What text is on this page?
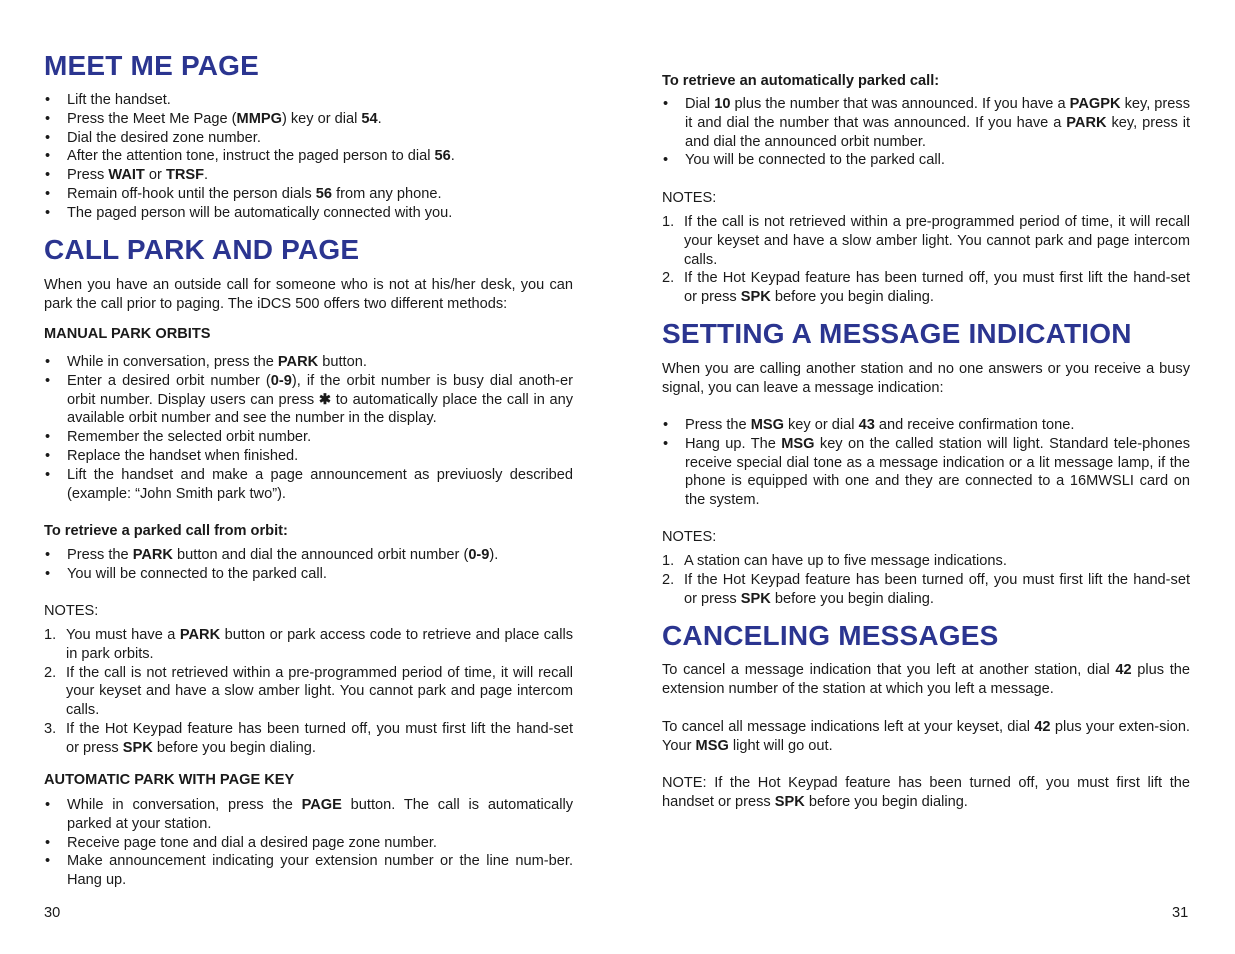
MEET ME PAGE
• Lift the handset.
• Press the Meet Me Page (MMPG) key or dial 54.
• Dial the desired zone number.
• After the attention tone, instruct the paged person to dial 56.
• Press WAIT or TRSF.
• Remain off-hook until the person dials 56 from any phone.
• The paged person will be automatically connected with you.
CALL PARK AND PAGE

When you have an outside call for someone who is not at his/her desk, you can park the call prior to paging. The iDCS 500 offers two different methods:

MANUAL PARK ORBITS
• While in conversation, press the PARK button.
• Enter a desired orbit number (0-9), if the orbit number is busy dial anoth-er orbit number. Display users can press ✱ to automatically place the call in any available orbit number and see the number in the display.
• Remember the selected orbit number.
• Replace the handset when finished.
• Lift the handset and make a page announcement as previuosly described (example: “John Smith park two”).
To retrieve a parked call from orbit:
• Press the PARK button and dial the announced orbit number (0-9).
• You will be connected to the parked call.

NOTES:

1. You must have a PARK button or park access code to retrieve and place calls in park orbits.
2. If the call is not retrieved within a pre-programmed period of time, it will recall your keyset and have a slow amber light. You cannot park and page intercom calls.
3. If the Hot Keypad feature has been turned off, you must first lift the hand-set or press SPK before you begin dialing.
AUTOMATIC PARK WITH PAGE KEY
• While in conversation, press the PAGE button. The call is automatically parked at your station.
• Receive page tone and dial a desired page zone number.
• Make announcement indicating your extension number or the line num-ber. Hang up.
30
To retrieve an automatically parked call:
• Dial 10 plus the number that was announced. If you have a PAGPK key, press it and dial the number that was announced. If you have a PARK key, press it and dial the announced orbit number.
• You will be connected to the parked call.

NOTES:

1. If the call is not retrieved within a pre-programmed period of time, it will recall your keyset and have a slow amber light. You cannot park and page intercom calls.
2. If the Hot Keypad feature has been turned off, you must first lift the hand-set or press SPK before you begin dialing.
SETTING A MESSAGE INDICATION

When you are calling another station and no one answers or you receive a busy signal, you can leave a message indication:

• Press the MSG key or dial 43 and receive confirmation tone.
• Hang up. The MSG key on the called station will light. Standard tele-phones receive special dial tone as a message indication or a lit message lamp, if the phone is equipped with one and they are connected to a 16MWSLI card on the system.

NOTES:

1. A station can have up to five message indications.
2. If the Hot Keypad feature has been turned off, you must first lift the hand-set or press SPK before you begin dialing.
CANCELING MESSAGES

To cancel a message indication that you left at another station, dial 42 plus the extension number of the station at which you left a message.

To cancel all message indications left at your keyset, dial 42 plus your exten-sion. Your MSG light will go out.

NOTE: If the Hot Keypad feature has been turned off, you must first lift the handset or press SPK before you begin dialing.

31
